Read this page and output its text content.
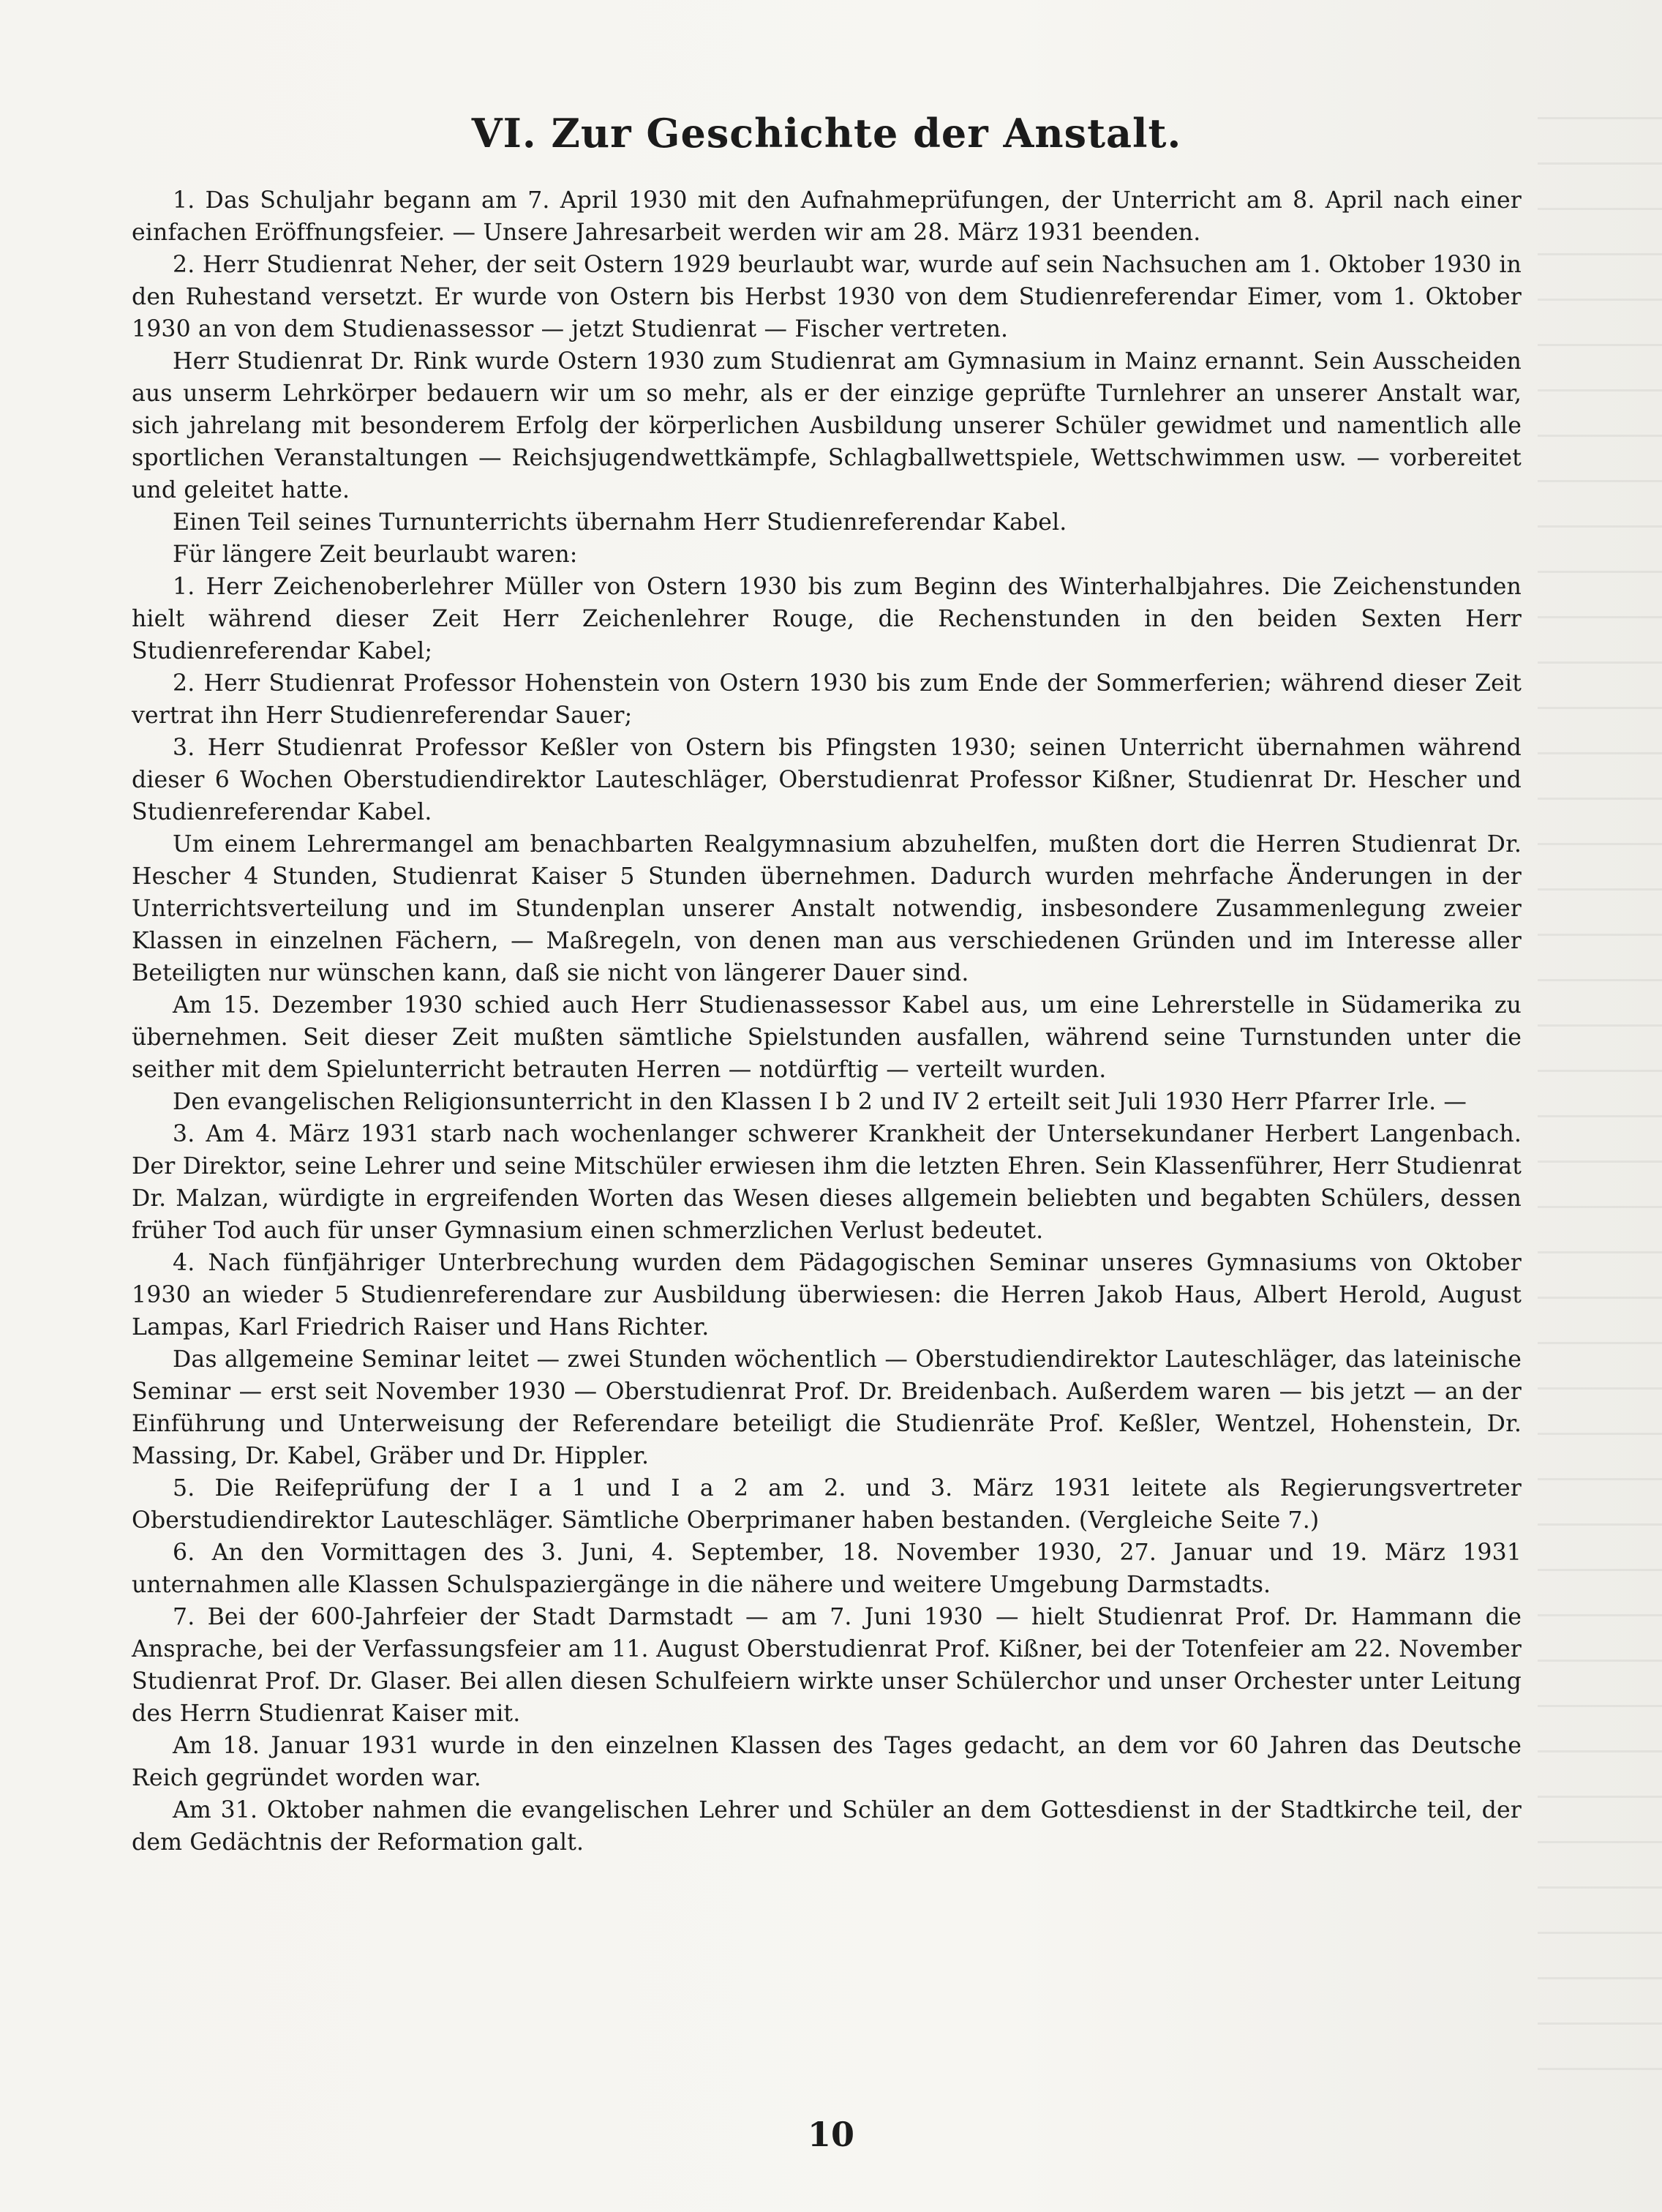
VI. Zur Geschichte der Anstalt.

1. Das Schuljahr begann am 7. April 1930 mit den Aufnahmeprüfungen, der Unterricht am 8. April nach einer einfachen Eröffnungsfeier. — Unsere Jahresarbeit werden wir am 28. März 1931 beenden.

2. Herr Studienrat Neher, der seit Ostern 1929 beurlaubt war, wurde auf sein Nachsuchen am 1. Oktober 1930 in den Ruhestand versetzt. Er wurde von Ostern bis Herbst 1930 von dem Studienreferendar Eimer, vom 1. Oktober 1930 an von dem Studienassessor — jetzt Studienrat — Fischer vertreten.

Herr Studienrat Dr. Rink wurde Ostern 1930 zum Studienrat am Gymnasium in Mainz ernannt. Sein Ausscheiden aus unserm Lehrkörper bedauern wir um so mehr, als er der einzige geprüfte Turnlehrer an unserer Anstalt war, sich jahrelang mit besonderem Erfolg der körperlichen Ausbildung unserer Schüler gewidmet und namentlich alle sportlichen Veranstaltungen — Reichsjugendwettkämpfe, Schlagballwettspiele, Wettschwimmen usw. — vorbereitet und geleitet hatte.

Einen Teil seines Turnunterrichts übernahm Herr Studienreferendar Kabel.

Für längere Zeit beurlaubt waren:

1. Herr Zeichenoberlehrer Müller von Ostern 1930 bis zum Beginn des Winterhalbjahres. Die Zeichenstunden hielt während dieser Zeit Herr Zeichenlehrer Rouge, die Rechenstunden in den beiden Sexten Herr Studienreferendar Kabel;

2. Herr Studienrat Professor Hohenstein von Ostern 1930 bis zum Ende der Sommerferien; während dieser Zeit vertrat ihn Herr Studienreferendar Sauer;

3. Herr Studienrat Professor Keßler von Ostern bis Pfingsten 1930; seinen Unterricht übernahmen während dieser 6 Wochen Oberstudiendirektor Lauteschläger, Oberstudienrat Professor Kißner, Studienrat Dr. Hescher und Studienreferendar Kabel.

Um einem Lehrermangel am benachbarten Realgymnasium abzuhelfen, mußten dort die Herren Studienrat Dr. Hescher 4 Stunden, Studienrat Kaiser 5 Stunden übernehmen. Dadurch wurden mehrfache Änderungen in der Unterrichtsverteilung und im Stundenplan unserer Anstalt notwendig, insbesondere Zusammenlegung zweier Klassen in einzelnen Fächern, — Maßregeln, von denen man aus verschiedenen Gründen und im Interesse aller Beteiligten nur wünschen kann, daß sie nicht von längerer Dauer sind.

Am 15. Dezember 1930 schied auch Herr Studienassessor Kabel aus, um eine Lehrerstelle in Südamerika zu übernehmen. Seit dieser Zeit mußten sämtliche Spielstunden ausfallen, während seine Turnstunden unter die seither mit dem Spielunterricht betrauten Herren — notdürftig — verteilt wurden.

Den evangelischen Religionsunterricht in den Klassen I b 2 und IV 2 erteilt seit Juli 1930 Herr Pfarrer Irle. —

3. Am 4. März 1931 starb nach wochenlanger schwerer Krankheit der Untersekundaner Herbert Langenbach. Der Direktor, seine Lehrer und seine Mitschüler erwiesen ihm die letzten Ehren. Sein Klassenführer, Herr Studienrat Dr. Malzan, würdigte in ergreifenden Worten das Wesen dieses allgemein beliebten und begabten Schülers, dessen früher Tod auch für unser Gymnasium einen schmerzlichen Verlust bedeutet.

4. Nach fünfjähriger Unterbrechung wurden dem Pädagogischen Seminar unseres Gymnasiums von Oktober 1930 an wieder 5 Studienreferendare zur Ausbildung überwiesen: die Herren Jakob Haus, Albert Herold, August Lampas, Karl Friedrich Raiser und Hans Richter.

Das allgemeine Seminar leitet — zwei Stunden wöchentlich — Oberstudiendirektor Lauteschläger, das lateinische Seminar — erst seit November 1930 — Oberstudienrat Prof. Dr. Breidenbach. Außerdem waren — bis jetzt — an der Einführung und Unterweisung der Referendare beteiligt die Studienräte Prof. Keßler, Wentzel, Hohenstein, Dr. Massing, Dr. Kabel, Gräber und Dr. Hippler.

5. Die Reifeprüfung der I a 1 und I a 2 am 2. und 3. März 1931 leitete als Regierungsvertreter Oberstudiendirektor Lauteschläger. Sämtliche Oberprimaner haben bestanden. (Vergleiche Seite 7.)

6. An den Vormittagen des 3. Juni, 4. September, 18. November 1930, 27. Januar und 19. März 1931 unternahmen alle Klassen Schulspaziergänge in die nähere und weitere Umgebung Darmstadts.

7. Bei der 600-Jahrfeier der Stadt Darmstadt — am 7. Juni 1930 — hielt Studienrat Prof. Dr. Hammann die Ansprache, bei der Verfassungsfeier am 11. August Oberstudienrat Prof. Kißner, bei der Totenfeier am 22. November Studienrat Prof. Dr. Glaser. Bei allen diesen Schulfeiern wirkte unser Schülerchor und unser Orchester unter Leitung des Herrn Studienrat Kaiser mit.

Am 18. Januar 1931 wurde in den einzelnen Klassen des Tages gedacht, an dem vor 60 Jahren das Deutsche Reich gegründet worden war.

Am 31. Oktober nahmen die evangelischen Lehrer und Schüler an dem Gottesdienst in der Stadtkirche teil, der dem Gedächtnis der Reformation galt.

10
